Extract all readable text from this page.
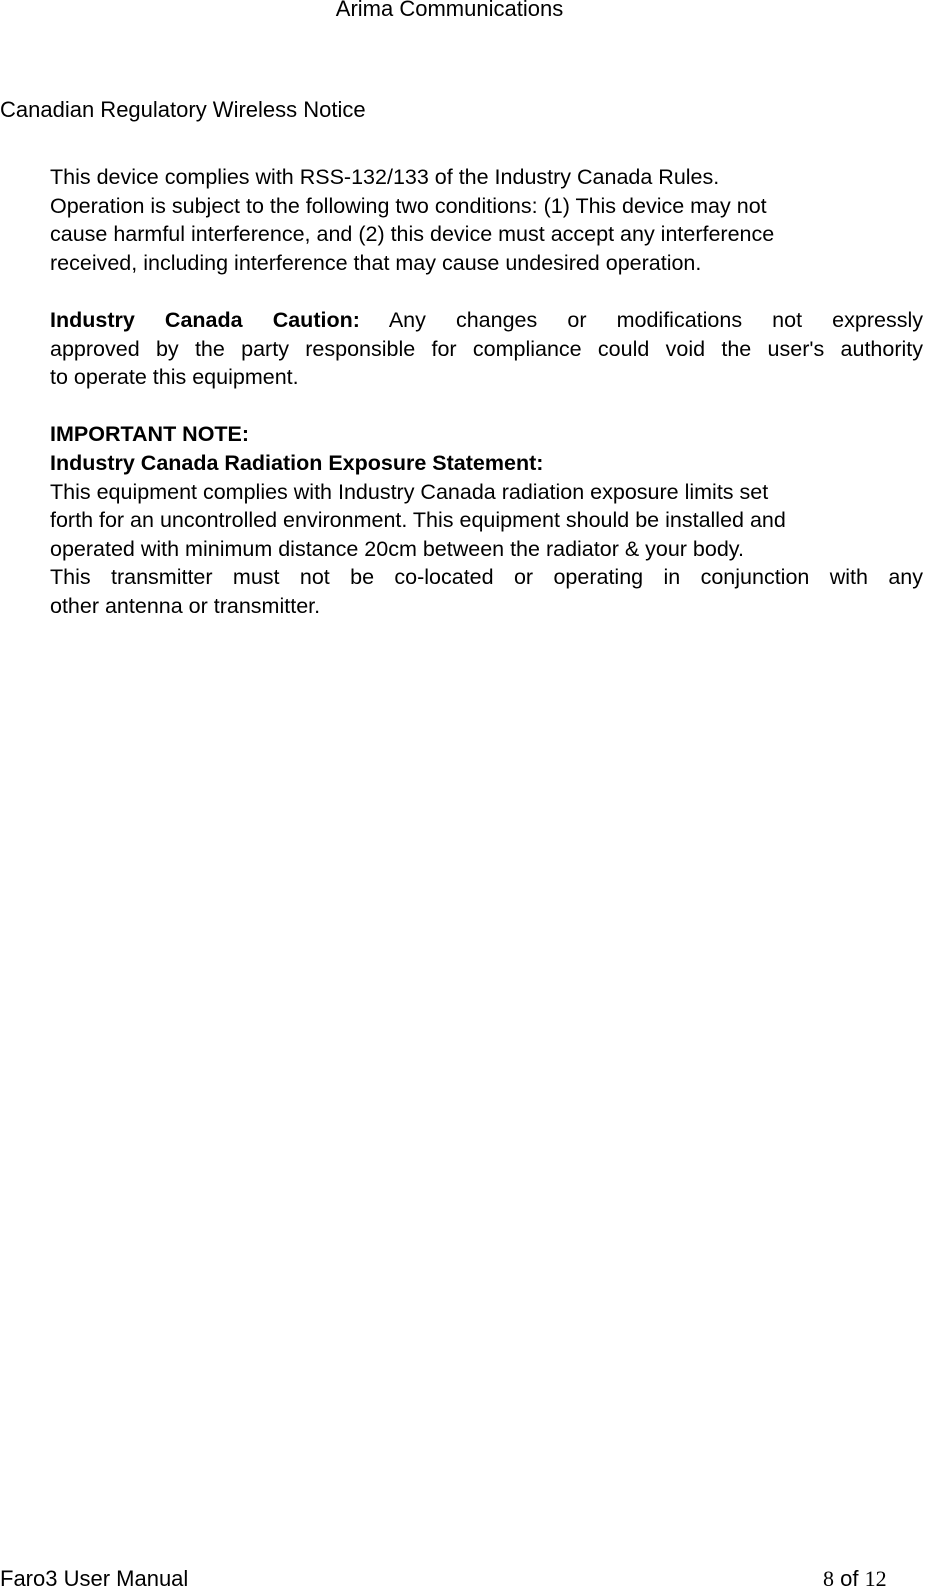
Arima Communications
Canadian Regulatory Wireless Notice
This device complies with RSS-132/133 of the Industry Canada Rules.
Operation is subject to the following two conditions: (1) This device may not
cause harmful interference, and (2) this device must accept any interference
received, including interference that may cause undesired operation.
Industry Canada Caution: Any changes or modifications not expressly
approved by the party responsible for compliance could void the user's authority
to operate this equipment.
IMPORTANT NOTE:
Industry Canada Radiation Exposure Statement:
This equipment complies with Industry Canada radiation exposure limits set
forth for an uncontrolled environment. This equipment should be installed and
operated with minimum distance 20cm between the radiator & your body.
This transmitter must not be co-located or operating in conjunction with any
other antenna or transmitter.
Faro3 User Manual	8 of 12
